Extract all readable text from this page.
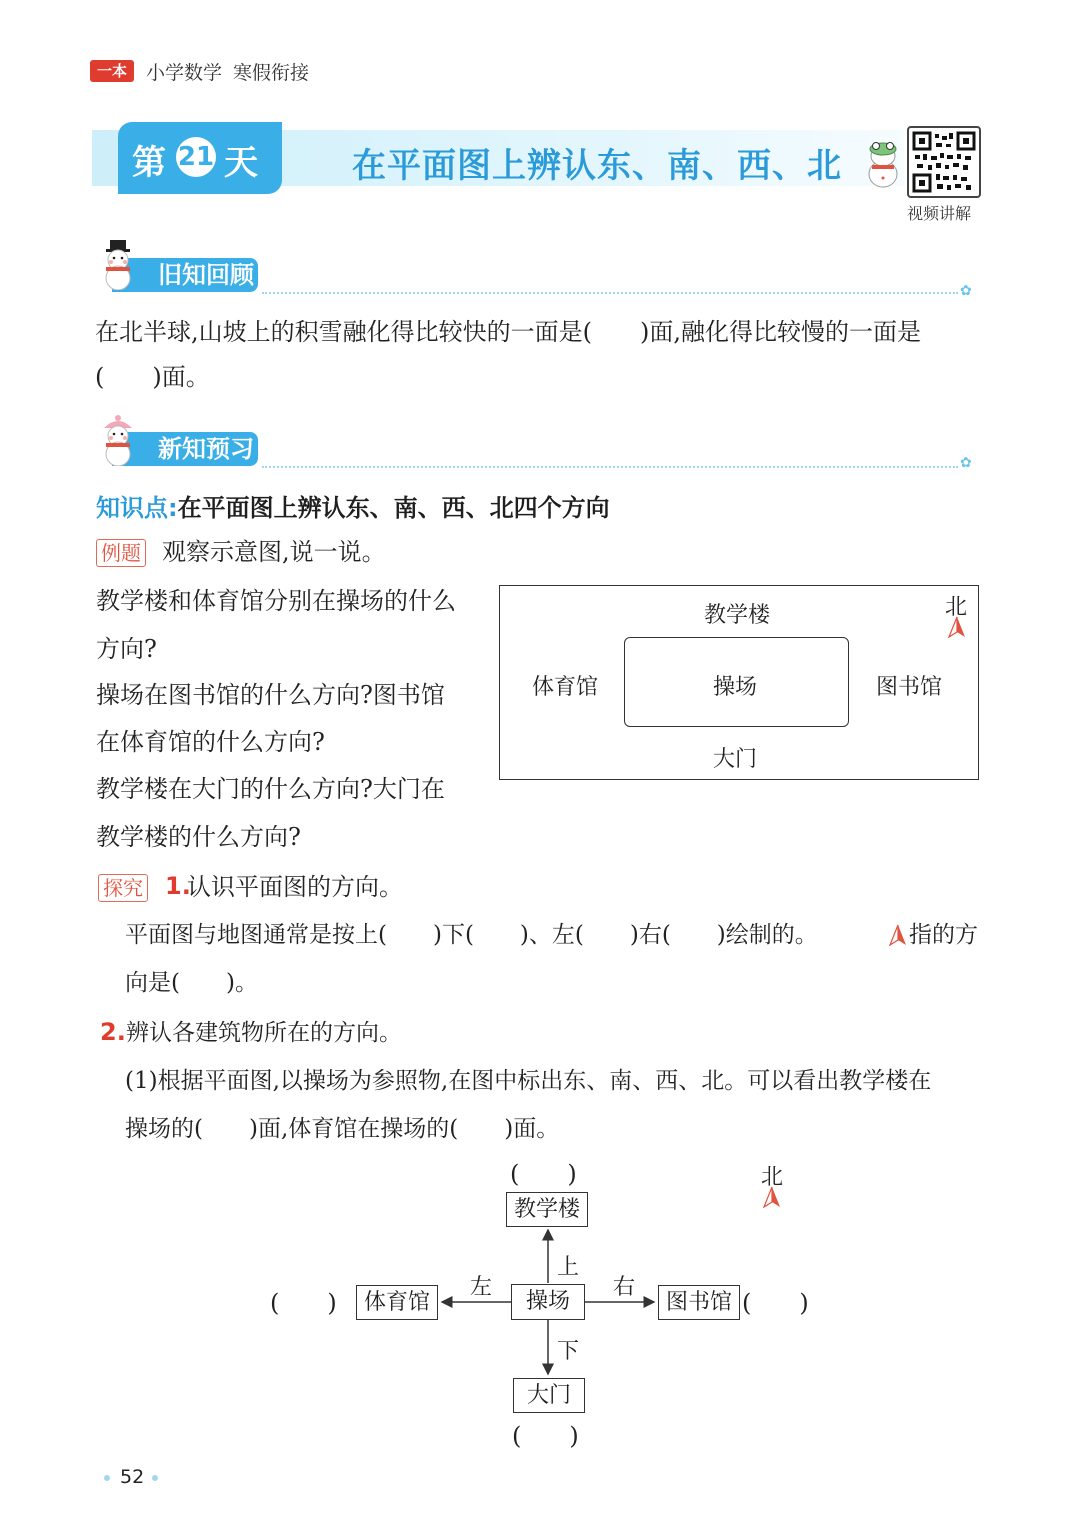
一本	小学数学 寒假衔接
第 21 天	在平面图上辨认东、南、西、北
视频讲解
旧知回顾
✿
在北半球,山坡上的积雪融化得比较快的一面是(　　)面,融化得比较慢的一面是
(　　)面。
新知预习	✿
知识点:在平面图上辨认东、南、西、北四个方向
例题 观察示意图,说一说。
教学楼和体育馆分别在操场的什么
方向?
操场在图书馆的什么方向?图书馆
在体育馆的什么方向?
教学楼在大门的什么方向?大门在
教学楼的什么方向?
教学楼
体育馆	操场	图书馆
大门
北
探究 1.
认识平面图的方向。
平面图与地图通常是按上(　　)下(　　)、左(　　)右(　　)绘制的。	指的方
向是(　　)。
2. 辨认各建筑物所在的方向。
(1)根据平面图,以操场为参照物,在图中标出东、南、西、北。可以看出教学楼在
操场的(　　)面,体育馆在操场的(　　)面。
(　　)
教学楼
(　　)	体育馆	操场	图书馆 (　　)
大门
(　　)
上
下
左	右
北
52
